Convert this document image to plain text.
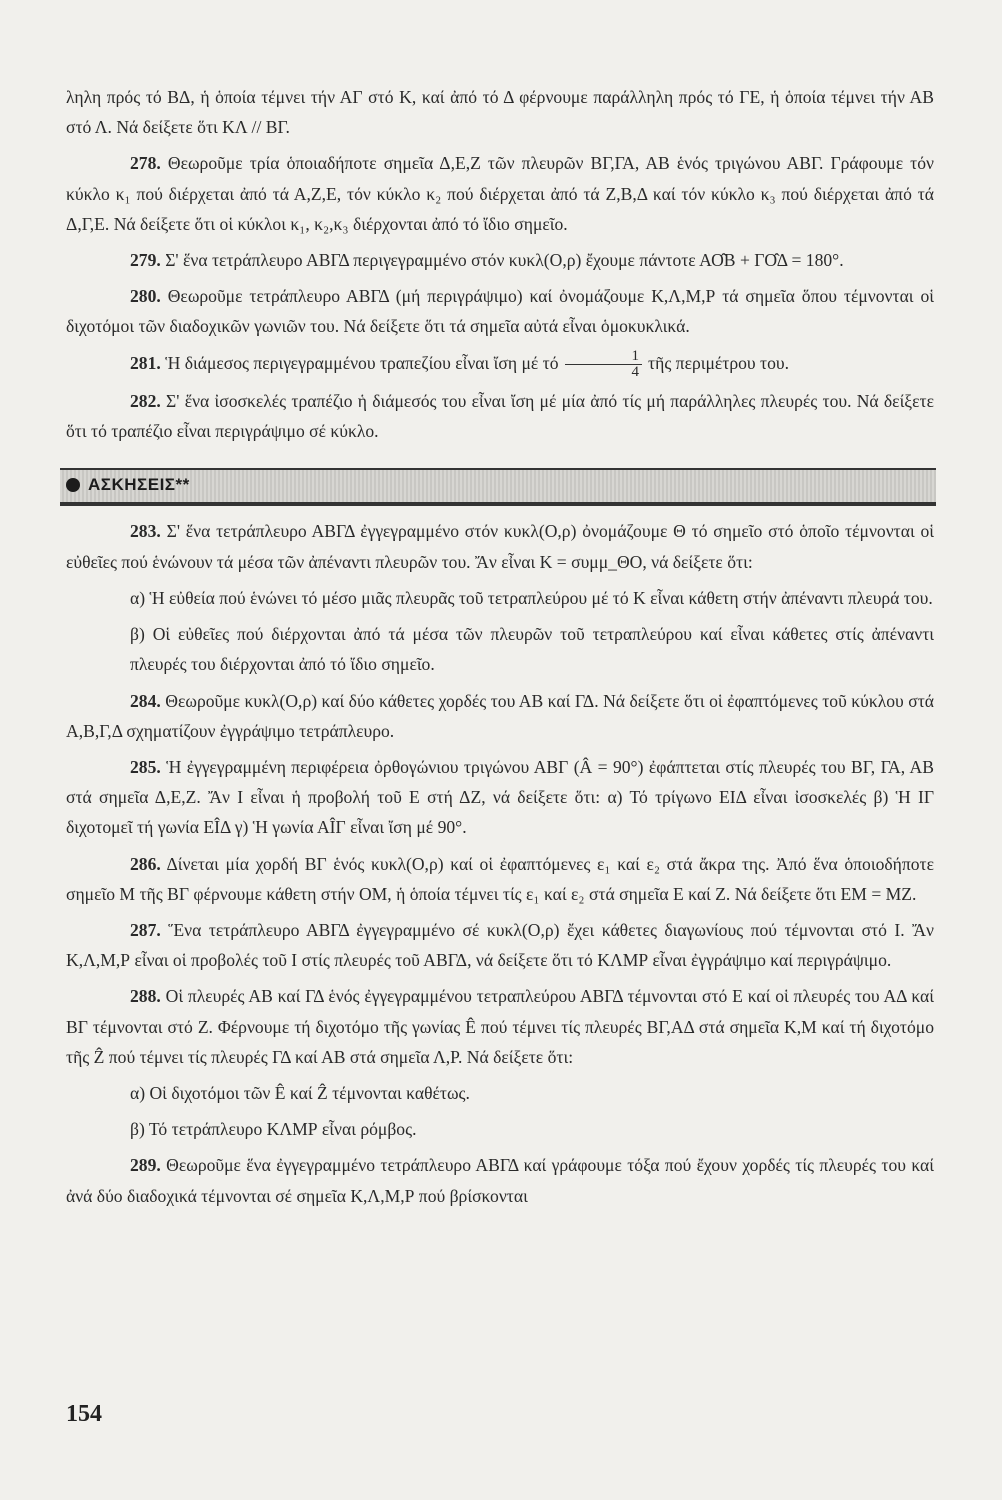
ληλη πρός τό ΒΔ, ἡ ὁποία τέμνει τήν ΑΓ στό Κ, καί ἀπό τό Δ φέρνουμε παράλληλη πρός τό ΓΕ, ἡ ὁποία τέμνει τήν ΑΒ στό Λ. Νά δείξετε ὅτι ΚΛ // ΒΓ.

278. Θεωροῦμε τρία ὁποιαδήποτε σημεῖα Δ,Ε,Ζ τῶν πλευρῶν ΒΓ,ΓΑ, ΑΒ ἑνός τριγώνου ΑΒΓ. Γράφουμε τόν κύκλο κ₁ πού διέρχεται ἀπό τά Α,Ζ,Ε, τόν κύκλο κ₂ πού διέρχεται ἀπό τά Ζ,Β,Δ καί τόν κύκλο κ₃ πού διέρχεται ἀπό τά Δ,Γ,Ε. Νά δείξετε ὅτι οἱ κύκλοι κ₁, κ₂,κ₃ διέρχονται ἀπό τό ἴδιο σημεῖο.

279. Σ' ἕνα τετράπλευρο ΑΒΓΔ περιγεγραμμένο στόν κυκλ(Ο,ρ) ἔχουμε πάντοτε ΑΟ̂Β + ΓΟ̂Δ = 180°.

280. Θεωροῦμε τετράπλευρο ΑΒΓΔ (μή περιγράψιμο) καί ὀνομάζουμε Κ,Λ,Μ,Ρ τά σημεῖα ὅπου τέμνονται οἱ διχοτόμοι τῶν διαδοχικῶν γωνιῶν του. Νά δείξετε ὅτι τά σημεῖα αὐτά εἶναι ὁμοκυκλικά.

281. Ἡ διάμεσος περιγεγραμμένου τραπεζίου εἶναι ἴση μέ τό $\frac{1}{4}$ τῆς περιμέτρου του.

282. Σ' ἕνα ἰσοσκελές τραπέζιο ἡ διάμεσός του εἶναι ἴση μέ μία ἀπό τίς μή παράλληλες πλευρές του. Νά δείξετε ὅτι τό τραπέζιο εἶναι περιγράψιμο σέ κύκλο.

ΑΣΚΗΣΕΙΣ**

283. Σ' ἕνα τετράπλευρο ΑΒΓΔ ἐγγεγραμμένο στόν κυκλ(Ο,ρ) ὀνομάζουμε Θ τό σημεῖο στό ὁποῖο τέμνονται οἱ εὐθεῖες πού ἑνώνουν τά μέσα τῶν ἀπέναντι πλευρῶν του. Ἄν εἶναι Κ = συμμ_ΘΟ, νά δείξετε ὅτι:

α) Ἡ εὐθεία πού ἑνώνει τό μέσο μιᾶς πλευρᾶς τοῦ τετραπλεύρου μέ τό Κ εἶναι κάθετη στήν ἀπέναντι πλευρά του.

β) Οἱ εὐθεῖες πού διέρχονται ἀπό τά μέσα τῶν πλευρῶν τοῦ τετραπλεύρου καί εἶναι κάθετες στίς ἀπέναντι πλευρές του διέρχονται ἀπό τό ἴδιο σημεῖο.

284. Θεωροῦμε κυκλ(Ο,ρ) καί δύο κάθετες χορδές του ΑΒ καί ΓΔ. Νά δείξετε ὅτι οἱ ἐφαπτόμενες τοῦ κύκλου στά Α,Β,Γ,Δ σχηματίζουν ἐγγράψιμο τετράπλευρο.

285. Ἡ ἐγγεγραμμένη περιφέρεια ὀρθογώνιου τριγώνου ΑΒΓ (Â = 90°) ἐφάπτεται στίς πλευρές του ΒΓ, ΓΑ, ΑΒ στά σημεῖα Δ,Ε,Ζ. Ἄν Ι εἶναι ἡ προβολή τοῦ Ε στή ΔΖ, νά δείξετε ὅτι: α) Τό τρίγωνο ΕΙΔ εἶναι ἰσοσκελές β) Ἡ ΙΓ διχοτομεῖ τή γωνία ΕÎΔ γ) Ἡ γωνία ΑÎΓ εἶναι ἴση μέ 90°.

286. Δίνεται μία χορδή ΒΓ ἑνός κυκλ(Ο,ρ) καί οἱ ἐφαπτόμενες ε₁ καί ε₂ στά ἄκρα της. Ἀπό ἕνα ὁποιοδήποτε σημεῖο Μ τῆς ΒΓ φέρνουμε κάθετη στήν ΟΜ, ἡ ὁποία τέμνει τίς ε₁ καί ε₂ στά σημεῖα Ε καί Ζ. Νά δείξετε ὅτι ΕΜ = ΜΖ.

287. Ἕνα τετράπλευρο ΑΒΓΔ ἐγγεγραμμένο σέ κυκλ(Ο,ρ) ἔχει κάθετες διαγωνίους πού τέμνονται στό Ι. Ἄν Κ,Λ,Μ,Ρ εἶναι οἱ προβολές τοῦ Ι στίς πλευρές τοῦ ΑΒΓΔ, νά δείξετε ὅτι τό ΚΛΜΡ εἶναι ἐγγράψιμο καί περιγράψιμο.

288. Οἱ πλευρές ΑΒ καί ΓΔ ἑνός ἐγγεγραμμένου τετραπλεύρου ΑΒΓΔ τέμνονται στό Ε καί οἱ πλευρές του ΑΔ καί ΒΓ τέμνονται στό Ζ. Φέρνουμε τή διχοτόμο τῆς γωνίας Ê πού τέμνει τίς πλευρές ΒΓ,ΑΔ στά σημεῖα Κ,Μ καί τή διχοτόμο τῆς Ẑ πού τέμνει τίς πλευρές ΓΔ καί ΑΒ στά σημεῖα Λ,Ρ. Νά δείξετε ὅτι:

α) Οἱ διχοτόμοι τῶν Ê καί Ẑ τέμνονται καθέτως.

β) Τό τετράπλευρο ΚΛΜΡ εἶναι ρόμβος.

289. Θεωροῦμε ἕνα ἐγγεγραμμένο τετράπλευρο ΑΒΓΔ καί γράφουμε τόξα πού ἔχουν χορδές τίς πλευρές του καί ἀνά δύο διαδοχικά τέμνονται σέ σημεῖα Κ,Λ,Μ,Ρ πού βρίσκονται

154
